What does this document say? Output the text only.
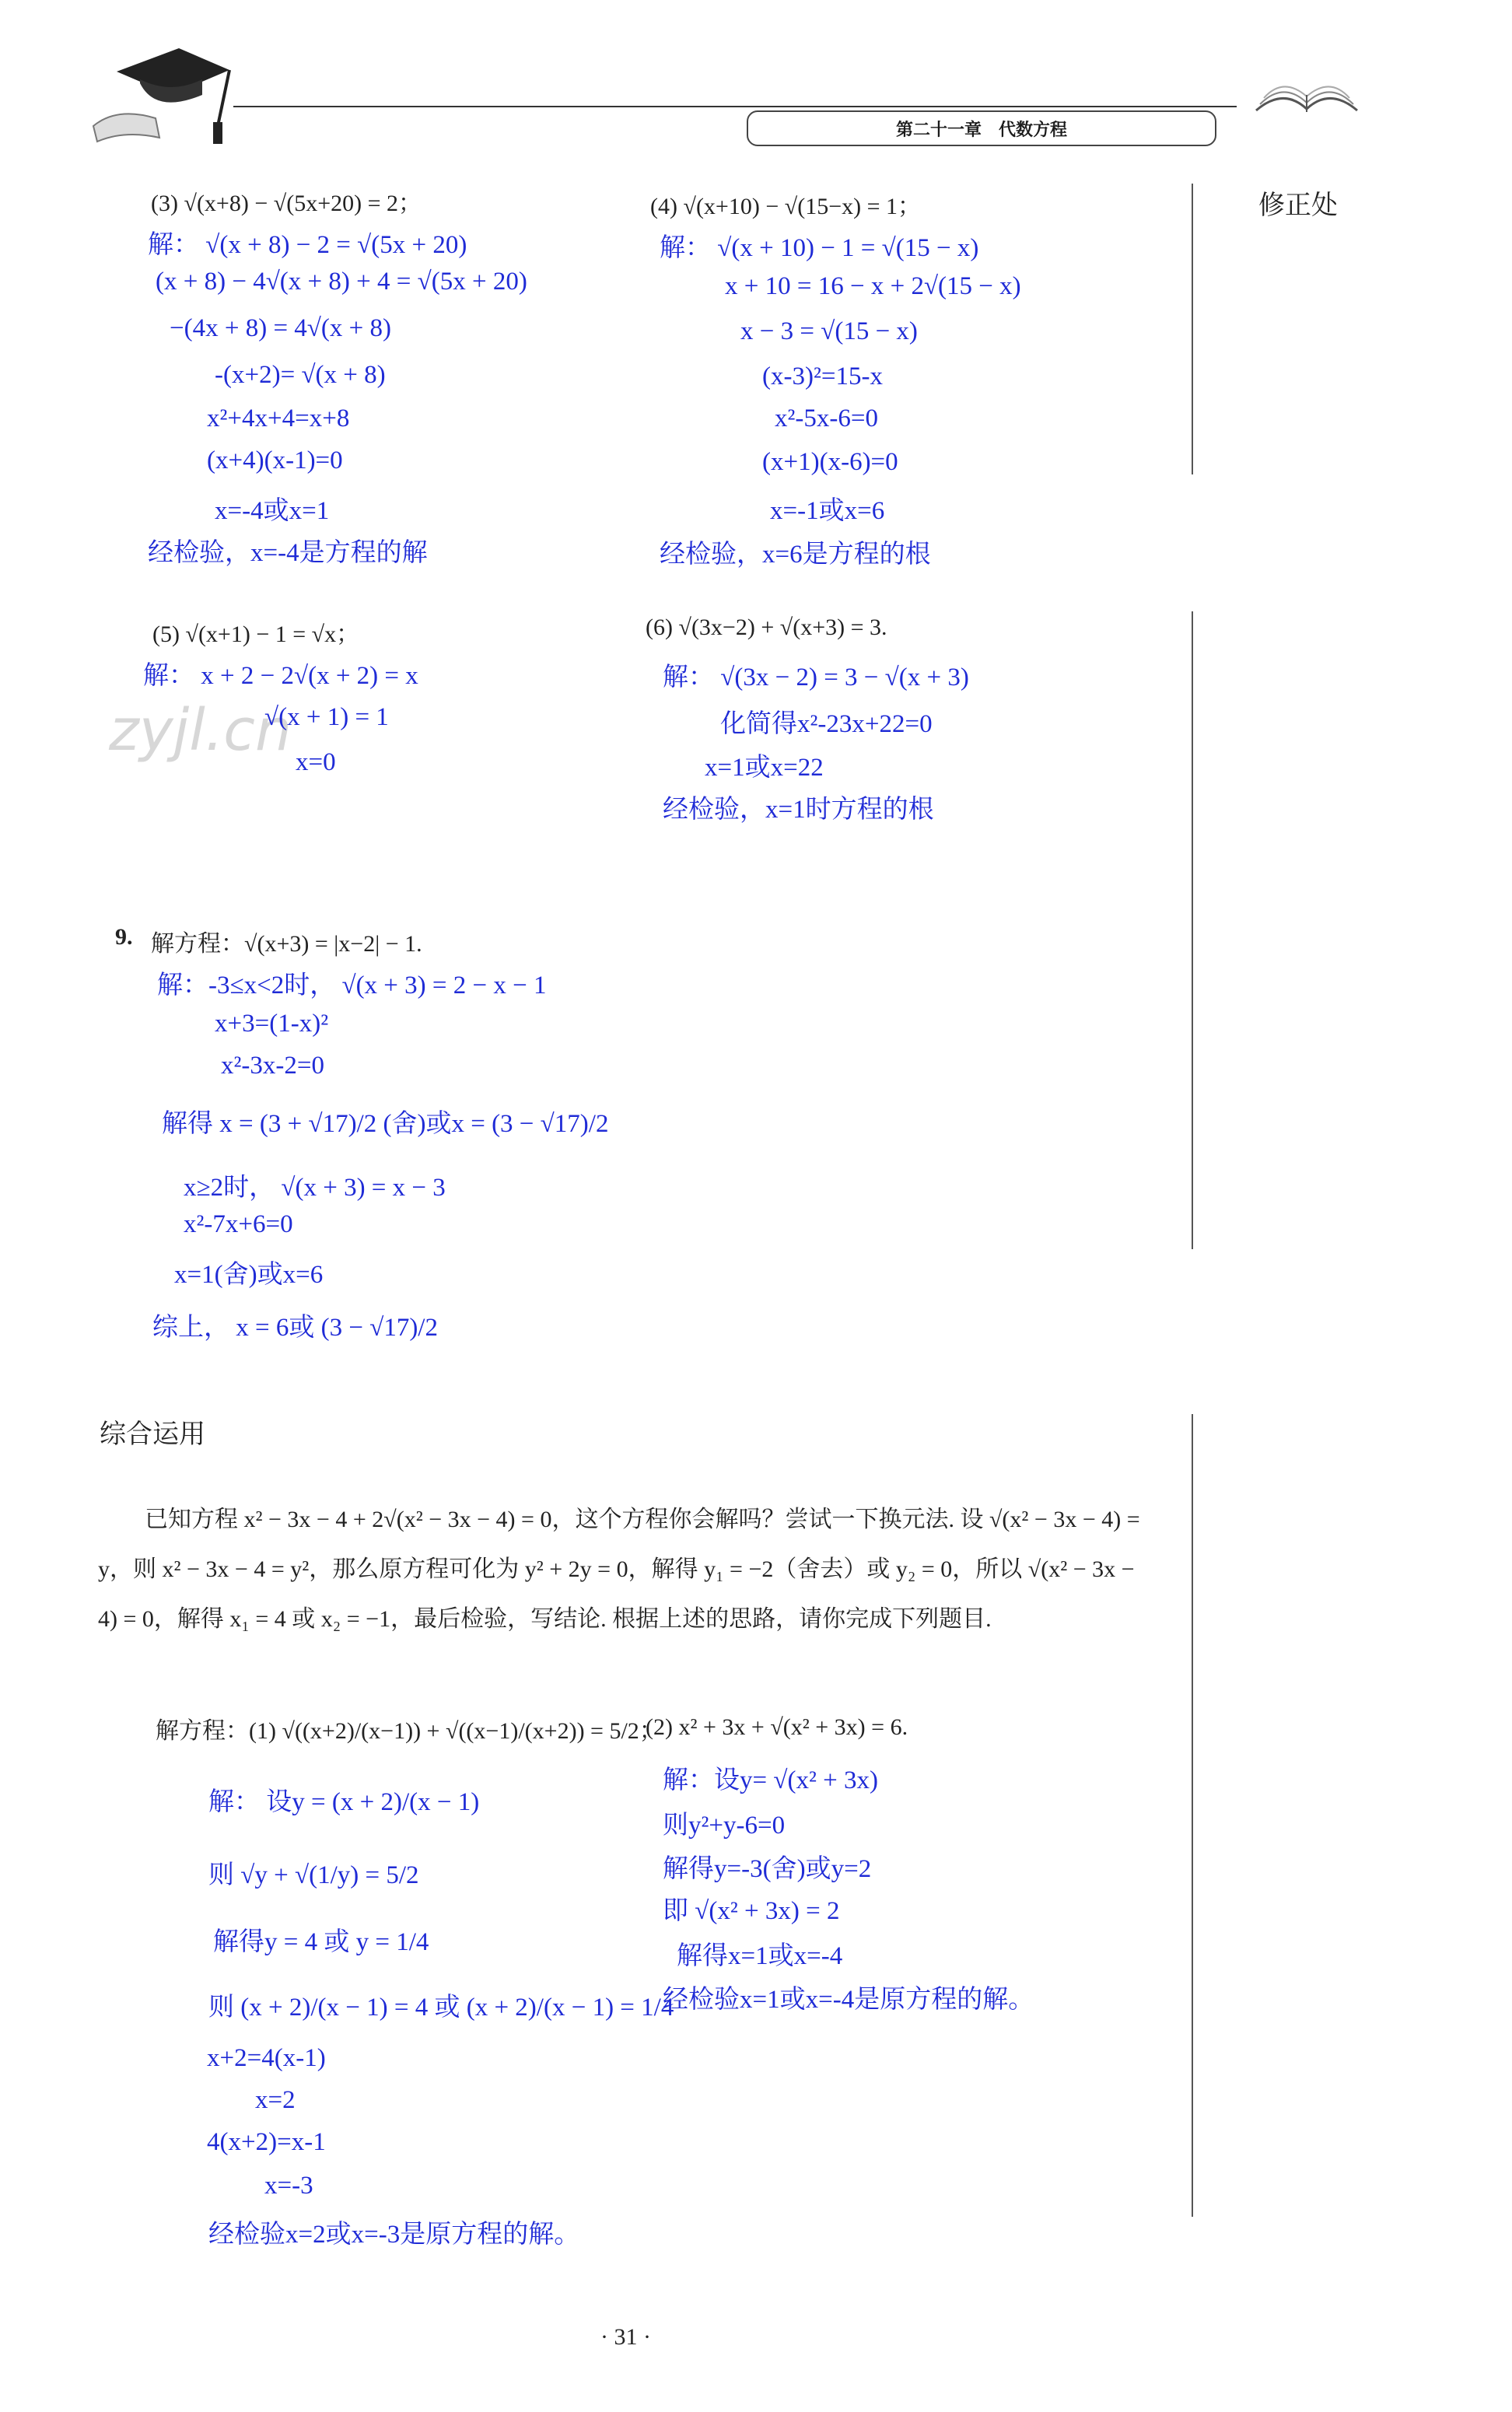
第二十一章　代数方程
修正处
zyjl.cn
(3) √(x+8) − √(5x+20) = 2；
解： √(x + 8) − 2 = √(5x + 20)
(x + 8) − 4√(x + 8) + 4 = √(5x + 20)
−(4x + 8) = 4√(x + 8)
-(x+2)= √(x + 8)
x²+4x+4=x+8
(x+4)(x-1)=0
x=-4或x=1
经检验，x=-4是方程的解
(4) √(x+10) − √(15−x) = 1；
解： √(x + 10) − 1 = √(15 − x)
x + 10 = 16 − x + 2√(15 − x)
x − 3 = √(15 − x)
(x-3)²=15-x
x²-5x-6=0
(x+1)(x-6)=0
x=-1或x=6
经检验，x=6是方程的根
(5) √(x+1) − 1 = √x；
解： x + 2 − 2√(x + 2) = x
√(x + 1) = 1
x=0
(6) √(3x−2) + √(x+3) = 3.
解： √(3x − 2) = 3 − √(x + 3)
化简得x²-23x+22=0
x=1或x=22
经检验，x=1时方程的根
9. 解方程：√(x+3) = |x−2| − 1.
解：-3≤x<2时， √(x + 3) = 2 − x − 1
x+3=(1-x)²
x²-3x-2=0
解得 x = (3 + √17)/2 (舍)或x = (3 − √17)/2
x≥2时， √(x + 3) = x − 3
x²-7x+6=0
x=1(舍)或x=6
综上， x = 6或 (3 − √17)/2
综合运用
已知方程 x² − 3x − 4 + 2√(x² − 3x − 4) = 0，这个方程你会解吗？尝试一下换元法. 设 √(x² − 3x − 4) = y，则 x² − 3x − 4 = y²，那么原方程可化为 y² + 2y = 0，解得 y₁ = −2（舍去）或 y₂ = 0，所以 √(x² − 3x − 4) = 0，解得 x₁ = 4 或 x₂ = −1，最后检验，写结论. 根据上述的思路，请你完成下列题目.
解方程：(1) √((x+2)/(x−1)) + √((x−1)/(x+2)) = 5/2；
解： 设y = (x + 2)/(x − 1)
则 √y + √(1/y) = 5/2
解得y = 4 或 y = 1/4
则 (x + 2)/(x − 1) = 4 或 (x + 2)/(x − 1) = 1/4
x+2=4(x-1)
x=2
4(x+2)=x-1
x=-3
经检验x=2或x=-3是原方程的解。
(2) x² + 3x + √(x² + 3x) = 6.
解：设y= √(x² + 3x)
则y²+y-6=0
解得y=-3(舍)或y=2
即 √(x² + 3x) = 2
解得x=1或x=-4
经检验x=1或x=-4是原方程的解。
· 31 ·
